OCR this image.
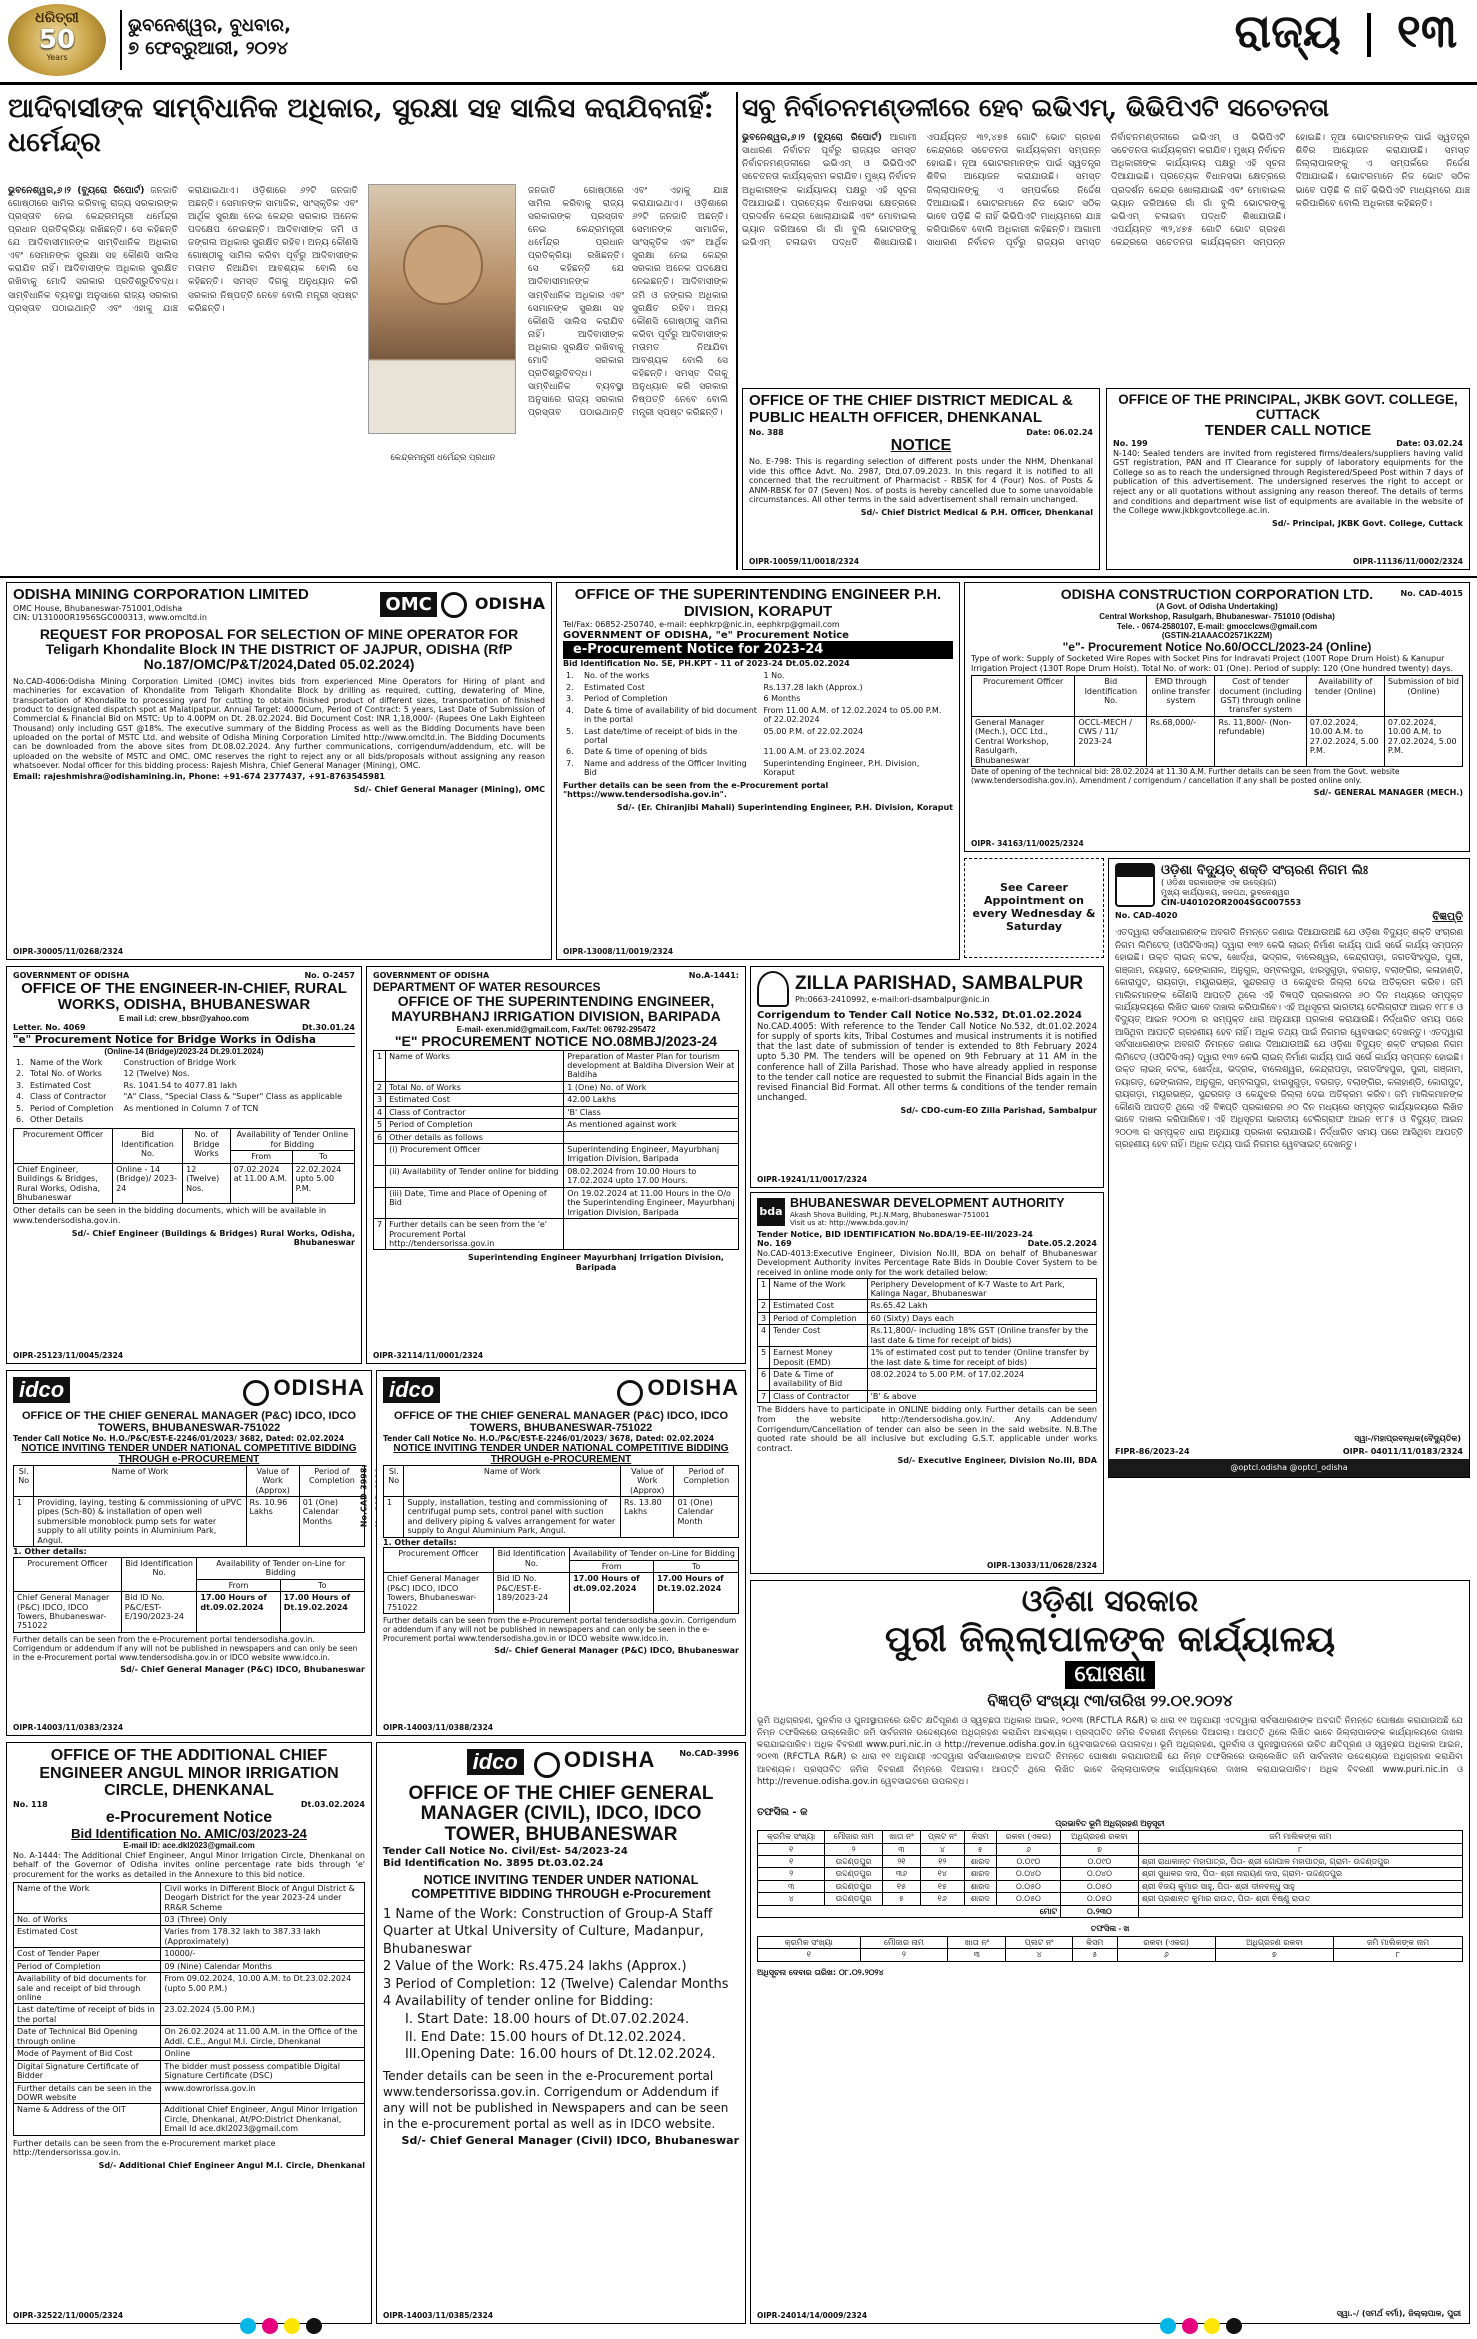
ଧରିତ୍ରୀ
50
Years
ଭୁବନେଶ୍ୱର, ବୁଧବାର,
୭ ଫେବ୍ରୁଆରୀ, ୨୦୨୪	ରାଜ୍ୟ ୧୩
ଆଦିବାସୀଙ୍କ ସାମ୍ବିଧାନିକ ଅଧିକାର, ସୁରକ୍ଷା ସହ ସାଲିସ କରାଯିବନାହିଁ: ଧର୍ମେନ୍ଦ୍ର
କେନ୍ଦ୍ରମନ୍ତ୍ରୀ ଧର୍ମେନ୍ଦ୍ର ପ୍ରଧାନ
ଭୁବନେଶ୍ୱର,୬।୨ (ବ୍ୟୁରୋ ରିପୋର୍ଟ) ଜନଜାତି ଗୋଷ୍ଠୀରେ ସାମିଲ କରିବାକୁ ରାଜ୍ୟ ସରକାରଙ୍କ ପ୍ରସ୍ତାବ ନେଇ କେନ୍ଦ୍ରମନ୍ତ୍ରୀ ଧର୍ମେନ୍ଦ୍ର ପ୍ରଧାନ ପ୍ରତିକ୍ରିୟା ରଖିଛନ୍ତି। ସେ କହିଛନ୍ତି ଯେ ଆଦିବାସୀମାନଙ୍କ ସାମ୍ବିଧାନିକ ଅଧିକାର ଏବଂ ସେମାନଙ୍କ ସୁରକ୍ଷା ସହ କୌଣସି ସାଲିସ କରାଯିବ ନାହିଁ। ଆଦିବାସୀଙ୍କ ଅଧିକାର ସୁରକ୍ଷିତ ରଖିବାକୁ ମୋଦି ସରକାର ପ୍ରତିଶ୍ରୁତିବଦ୍ଧ। ସାମ୍ବିଧାନିକ ବ୍ୟବସ୍ଥା ଅନୁସାରେ ରାଜ୍ୟ ସରକାର ପ୍ରସ୍ତାବ ପଠାଇଥାନ୍ତି ଏବଂ ଏହାକୁ ଯାଞ୍ଚ କରାଯାଇଥାଏ। ଓଡ଼ିଶାରେ ୬୨ଟି ଜନଜାତି ଅଛନ୍ତି। ସେମାନଙ୍କ ସାମାଜିକ, ସାଂସ୍କୃତିକ ଏବଂ ଆର୍ଥିକ ସୁରକ୍ଷା ନେଇ କେନ୍ଦ୍ର ସରକାର ଅନେକ ପଦକ୍ଷେପ ନେଇଛନ୍ତି। ଆଦିବାସୀଙ୍କ ଜମି ଓ ଜଙ୍ଗଲ ଅଧିକାର ସୁରକ୍ଷିତ ରହିବ। ଅନ୍ୟ କୌଣସି ଗୋଷ୍ଠୀକୁ ସାମିଲ କରିବା ପୂର୍ବରୁ ଆଦିବାସୀଙ୍କ ମତାମତ ନିଆଯିବା ଆବଶ୍ୟକ ବୋଲି ସେ କହିଛନ୍ତି। ସମସ୍ତ ଦିଗକୁ ଅନୁଧ୍ୟାନ କରି ସରକାର ନିଷ୍ପତ୍ତି ନେବେ ବୋଲି ମନ୍ତ୍ରୀ ସ୍ପଷ୍ଟ କରିଛନ୍ତି।
ଜନଜାତି ଗୋଷ୍ଠୀରେ ସାମିଲ କରିବାକୁ ରାଜ୍ୟ ସରକାରଙ୍କ ପ୍ରସ୍ତାବ ନେଇ କେନ୍ଦ୍ରମନ୍ତ୍ରୀ ଧର୍ମେନ୍ଦ୍ର ପ୍ରଧାନ ପ୍ରତିକ୍ରିୟା ରଖିଛନ୍ତି। ସେ କହିଛନ୍ତି ଯେ ଆଦିବାସୀମାନଙ୍କ ସାମ୍ବିଧାନିକ ଅଧିକାର ଏବଂ ସେମାନଙ୍କ ସୁରକ୍ଷା ସହ କୌଣସି ସାଲିସ କରାଯିବ ନାହିଁ। ଆଦିବାସୀଙ୍କ ଅଧିକାର ସୁରକ୍ଷିତ ରଖିବାକୁ ମୋଦି ସରକାର ପ୍ରତିଶ୍ରୁତିବଦ୍ଧ। ସାମ୍ବିଧାନିକ ବ୍ୟବସ୍ଥା ଅନୁସାରେ ରାଜ୍ୟ ସରକାର ପ୍ରସ୍ତାବ ପଠାଇଥାନ୍ତି ଏବଂ ଏହାକୁ ଯାଞ୍ଚ କରାଯାଇଥାଏ। ଓଡ଼ିଶାରେ ୬୨ଟି ଜନଜାତି ଅଛନ୍ତି। ସେମାନଙ୍କ ସାମାଜିକ, ସାଂସ୍କୃତିକ ଏବଂ ଆର୍ଥିକ ସୁରକ୍ଷା ନେଇ କେନ୍ଦ୍ର ସରକାର ଅନେକ ପଦକ୍ଷେପ ନେଇଛନ୍ତି। ଆଦିବାସୀଙ୍କ ଜମି ଓ ଜଙ୍ଗଲ ଅଧିକାର ସୁରକ୍ଷିତ ରହିବ। ଅନ୍ୟ କୌଣସି ଗୋଷ୍ଠୀକୁ ସାମିଲ କରିବା ପୂର୍ବରୁ ଆଦିବାସୀଙ୍କ ମତାମତ ନିଆଯିବା ଆବଶ୍ୟକ ବୋଲି ସେ କହିଛନ୍ତି। ସମସ୍ତ ଦିଗକୁ ଅନୁଧ୍ୟାନ କରି ସରକାର ନିଷ୍ପତ୍ତି ନେବେ ବୋଲି ମନ୍ତ୍ରୀ ସ୍ପଷ୍ଟ କରିଛନ୍ତି।
ସବୁ ନିର୍ବାଚନମଣ୍ଡଳୀରେ ହେବ ଇଭିଏମ୍, ଭିଭିପିଏଟି ସଚେତନତା
ଭୁବନେଶ୍ୱର,୬।୨ (ବ୍ୟୁରୋ ରିପୋର୍ଟ) ଆଗାମୀ ସାଧାରଣ ନିର୍ବାଚନ ପୂର୍ବରୁ ରାଜ୍ୟର ସମସ୍ତ ନିର୍ବାଚନମଣ୍ଡଳୀରେ ଇଭିଏମ୍ ଓ ଭିଭିପିଏଟି ସଚେତନତା କାର୍ଯ୍ୟକ୍ରମ କରାଯିବ। ମୁଖ୍ୟ ନିର୍ବାଚନ ଅଧିକାରୀଙ୍କ କାର୍ଯ୍ୟାଳୟ ପକ୍ଷରୁ ଏହି ସୂଚନା ଦିଆଯାଇଛି। ପ୍ରତ୍ୟେକ ବିଧାନସଭା କ୍ଷେତ୍ରରେ ପ୍ରଦର୍ଶନ କେନ୍ଦ୍ର ଖୋଲାଯାଇଛି ଏବଂ ମୋବାଇଲ ଭ୍ୟାନ ଜରିଆରେ ଗାଁ ଗାଁ ବୁଲି ଭୋଟରଙ୍କୁ ଇଭିଏମ୍ ଚଳାଇବା ପଦ୍ଧତି ଶିଖାଯାଉଛି। ଏପର୍ଯ୍ୟନ୍ତ ୩୨,୪୭୫ ଗୋଟି ଭୋଟ ଗ୍ରହଣ କେନ୍ଦ୍ରରେ ସଚେତନତା କାର୍ଯ୍ୟକ୍ରମ ସମ୍ପନ୍ନ ହୋଇଛି। ନୂଆ ଭୋଟରମାନଙ୍କ ପାଇଁ ସ୍ୱତନ୍ତ୍ର ଶିବିର ଆୟୋଜନ କରାଯାଉଛି। ସମସ୍ତ ଜିଲ୍ଲାପାଳଙ୍କୁ ଏ ସମ୍ପର୍କରେ ନିର୍ଦ୍ଦେଶ ଦିଆଯାଇଛି। ଭୋଟରମାନେ ନିଜ ଭୋଟ ସଠିକ ଭାବେ ପଡ଼ିଛି କି ନାହିଁ ଭିଭିପିଏଟି ମାଧ୍ୟମରେ ଯାଞ୍ଚ କରିପାରିବେ ବୋଲି ଅଧିକାରୀ କହିଛନ୍ତି। ଆଗାମୀ ସାଧାରଣ ନିର୍ବାଚନ ପୂର୍ବରୁ ରାଜ୍ୟର ସମସ୍ତ ନିର୍ବାଚନମଣ୍ଡଳୀରେ ଇଭିଏମ୍ ଓ ଭିଭିପିଏଟି ସଚେତନତା କାର୍ଯ୍ୟକ୍ରମ କରାଯିବ। ମୁଖ୍ୟ ନିର୍ବାଚନ ଅଧିକାରୀଙ୍କ କାର୍ଯ୍ୟାଳୟ ପକ୍ଷରୁ ଏହି ସୂଚନା ଦିଆଯାଇଛି। ପ୍ରତ୍ୟେକ ବିଧାନସଭା କ୍ଷେତ୍ରରେ ପ୍ରଦର୍ଶନ କେନ୍ଦ୍ର ଖୋଲାଯାଇଛି ଏବଂ ମୋବାଇଲ ଭ୍ୟାନ ଜରିଆରେ ଗାଁ ଗାଁ ବୁଲି ଭୋଟରଙ୍କୁ ଇଭିଏମ୍ ଚଳାଇବା ପଦ୍ଧତି ଶିଖାଯାଉଛି। ଏପର୍ଯ୍ୟନ୍ତ ୩୨,୪୭୫ ଗୋଟି ଭୋଟ ଗ୍ରହଣ କେନ୍ଦ୍ରରେ ସଚେତନତା କାର୍ଯ୍ୟକ୍ରମ ସମ୍ପନ୍ନ ହୋଇଛି। ନୂଆ ଭୋଟରମାନଙ୍କ ପାଇଁ ସ୍ୱତନ୍ତ୍ର ଶିବିର ଆୟୋଜନ କରାଯାଉଛି। ସମସ୍ତ ଜିଲ୍ଲାପାଳଙ୍କୁ ଏ ସମ୍ପର୍କରେ ନିର୍ଦ୍ଦେଶ ଦିଆଯାଇଛି। ଭୋଟରମାନେ ନିଜ ଭୋଟ ସଠିକ ଭାବେ ପଡ଼ିଛି କି ନାହିଁ ଭିଭିପିଏଟି ମାଧ୍ୟମରେ ଯାଞ୍ଚ କରିପାରିବେ ବୋଲି ଅଧିକାରୀ କହିଛନ୍ତି।
OFFICE OF THE CHIEF DISTRICT MEDICAL & PUBLIC HEALTH OFFICER, DHENKANAL
No. 388	Date: 06.02.24
NOTICE
No. E-798: This is regarding selection of different posts under the NHM, Dhenkanal vide this office Advt. No. 2987, Dtd.07.09.2023. In this regard it is notified to all concerned that the recruitment of Pharmacist - RBSK for 4 (Four) Nos. of Posts & ANM-RBSK for 07 (Seven) Nos. of posts is hereby cancelled due to some unavoidable circumstances. All other terms in the said advertisement shall remain unchanged.
Sd/- Chief District Medical & P.H. Officer, Dhenkanal
OIPR-10059/11/0018/2324
OFFICE OF THE PRINCIPAL, JKBK GOVT. COLLEGE, CUTTACK
TENDER CALL NOTICE
No. 199	Date: 03.02.24
N-140: Sealed tenders are invited from registered firms/dealers/suppliers having valid GST registration, PAN and IT Clearance for supply of laboratory equipments for the College so as to reach the undersigned through Registered/Speed Post within 7 days of publication of this advertisement. The undersigned reserves the right to accept or reject any or all quotations without assigning any reason thereof. The details of terms and conditions and department wise list of equipments are available in the website of the College www.jkbkgovtcollege.ac.in.
Sd/- Principal, JKBK Govt. College, Cuttack
OIPR-11136/11/0002/2324
ODISHA MINING CORPORATION LIMITED
OMC House, Bhubaneswar-751001,Odisha
CIN: U13100OR1956SGC000313, www.omcltd.in
OMC	ODISHA
REQUEST FOR PROPOSAL FOR SELECTION OF MINE OPERATOR FOR Teligarh Khondalite Block IN THE DISTRICT OF JAJPUR, ODISHA (RfP No.187/OMC/P&T/2024,Dated 05.02.2024)
No.CAD-4006:Odisha Mining Corporation Limited (OMC) invites bids from experienced Mine Operators for Hiring of plant and machineries for excavation of Khondalite from Teligarh Khondalite Block by drilling as required, cutting, dewatering of Mine, transportation of Khondalite to processing yard for cutting to obtain finished product of different sizes, transportation of finished product to designated dispatch spot at Malatipatpur. Annual Target: 4000Cum, Period of Contract: 5 years, Last Date of Submission of Commercial & Financial Bid on MSTC: Up to 4.00PM on Dt. 28.02.2024. Bid Document Cost: INR 1,18,000/- (Rupees One Lakh Eighteen Thousand) only including GST @18%. The executive summary of the Bidding Process as well as the Bidding Documents have been uploaded on the portal of MSTC Ltd. and website of Odisha Mining Corporation Limited http://www.omcltd.in. The Bidding Documents can be downloaded from the above sites from Dt.08.02.2024. Any further communications, corrigendum/addendum, etc. will be uploaded on the website of MSTC and OMC. OMC reserves the right to reject any or all bids/proposals without assigning any reason whatsoever. Nodal officer for this bidding process: Rajesh Mishra, Chief General Manager (Mining), OMC.
Email: rajeshmishra@odishamining.in, Phone: +91-674 2377437, +91-8763545981
Sd/- Chief General Manager (Mining), OMC
OIPR-30005/11/0268/2324
OFFICE OF THE SUPERINTENDING ENGINEER P.H. DIVISION, KORAPUT
Tel/Fax: 06852-250740, e-mail: eephkrp@nic.in, eephkrp@gmail.com
GOVERNMENT OF ODISHA, "e" Procurement Notice
e-Procurement Notice for 2023-24
Bid Identification No. SE, PH.KPT - 11 of 2023-24 Dt.05.02.2024
1.	No. of the works	1 No.
2.	Estimated Cost	Rs.137.28 lakh (Approx.)
3.	Period of Completion	6 Months
4.	Date & time of availability of bid document in the portal	From 11.00 A.M. of 12.02.2024 to 05.00 P.M. of 22.02.2024
5.	Last date/time of receipt of bids in the portal	05.00 P.M. of 22.02.2024
6.	Date & time of opening of bids	11.00 A.M. of 23.02.2024
7.	Name and address of the Officer Inviting Bid	Superintending Engineer, P.H. Division, Koraput
Further details can be seen from the e-Procurement portal "https://www.tendersodisha.gov.in".
Sd/- (Er. Chiranjibi Mahali) Superintending Engineer, P.H. Division, Koraput
OIPR-13008/11/0019/2324
ODISHA CONSTRUCTION CORPORATION LTD.
(A Govt. of Odisha Undertaking)
Central Workshop, Rasulgarh, Bhubaneswar- 751010 (Odisha)
Tele. - 0674-2580107, E-mail: gmocclcws@gmail.com
(GSTIN-21AAACO2571K2ZM)
No. CAD-4015
"e"- Procurement Notice No.60/OCCL/2023-24 (Online)
Type of work: Supply of Socketed Wire Ropes with Socket Pins for Indravati Project (100T Rope Drum Hoist) & Kanupur Irrigation Project (130T Rope Drum Hoist). Total No. of work: 01 (One). Period of supply: 120 (One hundred twenty) days.
Procurement Officer	Bid Identification No.	EMD through online transfer system	Cost of tender document (including GST) through online transfer system	Availability of tender (Online)	Submission of bid (Online)
General Manager (Mech.), OCC Ltd., Central Workshop, Rasulgarh, Bhubaneswar	OCCL-MECH / CWS / 11/ 2023-24	Rs.68,000/-	Rs. 11,800/- (Non-refundable)	07.02.2024, 10.00 A.M. to 27.02.2024, 5.00 P.M.	07.02.2024, 10.00 A.M. to 27.02.2024, 5.00 P.M.
Date of opening of the technical bid: 28.02.2024 at 11.30 A.M. Further details can be seen from the Govt. website (www.tendersodisha.gov.in). Amendment / corrigendum / cancellation if any shall be posted online only.
Sd/- GENERAL MANAGER (MECH.)
OIPR- 34163/11/0025/2324
See Career Appointment on every Wednesday & Saturday
ଓଡ଼ିଶା ବିଦ୍ୟୁତ୍ ଶକ୍ତି ସଂଚାରଣ ନିଗମ ଲିଃ
( ଓଡ଼ିଶା ସରକାରଙ୍କ ଏକ ଉଦ୍ୟୋଗ)
ମୁଖ୍ୟ କାର୍ଯ୍ୟାଳୟ, ଜନପଥ, ଭୁବନେଶ୍ୱର
CIN-U40102OR2004SGC007553
No. CAD-4020	ବିଜ୍ଞପ୍ତି
ଏତଦ୍ୱାରା ସର୍ବସାଧାରଣଙ୍କ ଅବଗତି ନିମନ୍ତେ ଜଣାଇ ଦିଆଯାଉଅଛି ଯେ ଓଡ଼ିଶା ବିଦ୍ୟୁତ୍ ଶକ୍ତି ସଂଚାରଣ ନିଗମ ଲିମିଟେଡ୍ (ଓପିଟିସିଏଲ୍) ଦ୍ୱାରା ୧୩୨ କେଭି ଲାଇନ୍ ନିର୍ମାଣ କାର୍ଯ୍ୟ ପାଇଁ ସର୍ଭେ କାର୍ଯ୍ୟ ସମ୍ପନ୍ନ ହୋଇଛି। ଉକ୍ତ ଲାଇନ୍ କଟକ, ଖୋର୍ଦ୍ଧା, ଭଦ୍ରକ, ବାଲେଶ୍ୱର, କେନ୍ଦ୍ରାପଡ଼ା, ଜଗତସିଂହପୁର, ପୁରୀ, ଗଞ୍ଜାମ, ନୟାଗଡ଼, ଢେଙ୍କାନାଳ, ଅନୁଗୁଳ, ସମ୍ବଲପୁର, ଝାରସୁଗୁଡ଼ା, ବରଗଡ଼, ବଲାଙ୍ଗିର, କଳାହାଣ୍ଡି, କୋରାପୁଟ, ରାୟଗଡ଼ା, ମୟୂରଭଞ୍ଜ, ସୁନ୍ଦରଗଡ଼ ଓ କେନ୍ଦୁଝର ଜିଲ୍ଲା ଦେଇ ଅତିକ୍ରମ କରିବ। ଜମି ମାଲିକମାନଙ୍କ କୌଣସି ଆପତ୍ତି ଥିଲେ ଏହି ବିଜ୍ଞପ୍ତି ପ୍ରକାଶନର ୬୦ ଦିନ ମଧ୍ୟରେ ସମ୍ପୃକ୍ତ କାର୍ଯ୍ୟାଳୟରେ ଲିଖିତ ଭାବେ ଦାଖଲ କରିପାରିବେ। ଏହି ଅଧିସୂଚନା ଭାରତୀୟ ଟେଲିଗ୍ରାଫ ଆଇନ ୧୮୮୫ ଓ ବିଦ୍ୟୁତ୍ ଆଇନ ୨୦୦୩ ର ସମ୍ପୃକ୍ତ ଧାରା ଅନୁଯାୟୀ ପ୍ରକାଶ କରାଯାଉଛି। ନିର୍ଦ୍ଧାରିତ ସମୟ ପରେ ଆସିଥିବା ଆପତ୍ତି ଗ୍ରହଣୀୟ ହେବ ନାହିଁ। ଅଧିକ ତଥ୍ୟ ପାଇଁ ନିଗମର ୱେବସାଇଟ୍ ଦେଖନ୍ତୁ। ଏତଦ୍ୱାରା ସର୍ବସାଧାରଣଙ୍କ ଅବଗତି ନିମନ୍ତେ ଜଣାଇ ଦିଆଯାଉଅଛି ଯେ ଓଡ଼ିଶା ବିଦ୍ୟୁତ୍ ଶକ୍ତି ସଂଚାରଣ ନିଗମ ଲିମିଟେଡ୍ (ଓପିଟିସିଏଲ୍) ଦ୍ୱାରା ୧୩୨ କେଭି ଲାଇନ୍ ନିର୍ମାଣ କାର୍ଯ୍ୟ ପାଇଁ ସର୍ଭେ କାର୍ଯ୍ୟ ସମ୍ପନ୍ନ ହୋଇଛି। ଉକ୍ତ ଲାଇନ୍ କଟକ, ଖୋର୍ଦ୍ଧା, ଭଦ୍ରକ, ବାଲେଶ୍ୱର, କେନ୍ଦ୍ରାପଡ଼ା, ଜଗତସିଂହପୁର, ପୁରୀ, ଗଞ୍ଜାମ, ନୟାଗଡ଼, ଢେଙ୍କାନାଳ, ଅନୁଗୁଳ, ସମ୍ବଲପୁର, ଝାରସୁଗୁଡ଼ା, ବରଗଡ଼, ବଲାଙ୍ଗିର, କଳାହାଣ୍ଡି, କୋରାପୁଟ, ରାୟଗଡ଼ା, ମୟୂରଭଞ୍ଜ, ସୁନ୍ଦରଗଡ଼ ଓ କେନ୍ଦୁଝର ଜିଲ୍ଲା ଦେଇ ଅତିକ୍ରମ କରିବ। ଜମି ମାଲିକମାନଙ୍କ କୌଣସି ଆପତ୍ତି ଥିଲେ ଏହି ବିଜ୍ଞପ୍ତି ପ୍ରକାଶନର ୬୦ ଦିନ ମଧ୍ୟରେ ସମ୍ପୃକ୍ତ କାର୍ଯ୍ୟାଳୟରେ ଲିଖିତ ଭାବେ ଦାଖଲ କରିପାରିବେ। ଏହି ଅଧିସୂଚନା ଭାରତୀୟ ଟେଲିଗ୍ରାଫ ଆଇନ ୧୮୮୫ ଓ ବିଦ୍ୟୁତ୍ ଆଇନ ୨୦୦୩ ର ସମ୍ପୃକ୍ତ ଧାରା ଅନୁଯାୟୀ ପ୍ରକାଶ କରାଯାଉଛି। ନିର୍ଦ୍ଧାରିତ ସମୟ ପରେ ଆସିଥିବା ଆପତ୍ତି ଗ୍ରହଣୀୟ ହେବ ନାହିଁ। ଅଧିକ ତଥ୍ୟ ପାଇଁ ନିଗମର ୱେବସାଇଟ୍ ଦେଖନ୍ତୁ।
ସ୍ୱା-/ମହାପ୍ରବନ୍ଧକ(ବୈଦ୍ୟୁତିକ)
FIPR-86/2023-24	OIPR- 04011/11/0183/2324
@optcl.odisha @optcl_odisha
GOVERNMENT OF ODISHA	No. O-2457
OFFICE OF THE ENGINEER-IN-CHIEF, RURAL WORKS, ODISHA, BHUBANESWAR
E mail i.d: crew_bbsr@yahoo.com
Letter. No. 4069	Dt.30.01.24
"e" Procurement Notice for Bridge Works in Odisha
(Online-14 (Bridge)/2023-24 Dt.29.01.2024)
1.	Name of the Work	Construction of Bridge Work
2.	Total No. of Works	12 (Twelve) Nos.
3.	Estimated Cost	Rs. 1041.54 to 4077.81 lakh
4.	Class of Contractor	"A" Class, "Special Class & "Super" Class as applicable
5.	Period of Completion	As mentioned in Column 7 of TCN
6.	Other Details	
Procurement Officer	Bid Identification No.	No. of Bridge Works	Availability of Tender Online for Bidding	
			From	To
Chief Engineer, Buildings & Bridges, Rural Works, Odisha, Bhubaneswar	Online - 14 (Bridge)/ 2023-24	12 (Twelve) Nos.	07.02.2024 at 11.00 A.M.	22.02.2024 upto 5.00 P.M.
Other details can be seen in the bidding documents, which will be available in www.tendersodisha.gov.in.
Sd/- Chief Engineer (Buildings & Bridges) Rural Works, Odisha, Bhubaneswar
OIPR-25123/11/0045/2324
GOVERNMENT OF ODISHA	No.A-1441:
DEPARTMENT OF WATER RESOURCES
OFFICE OF THE SUPERINTENDING ENGINEER, MAYURBHANJ IRRIGATION DIVISION, BARIPADA
E-mail- exen.mid@gmail.com, Fax/Tel: 06792-295472
"E" PROCUREMENT NOTICE NO.08MBJ/2023-24
1	Name of Works	Preparation of Master Plan for tourism development at Baldiha Diversion Weir at Baldiha
2	Total No. of Works	1 (One) No. of Work
3	Estimated Cost	42.00 Lakhs
4	Class of Contractor	'B' Class
5	Period of Completion	As mentioned against work
6	Other details as follows	
	(i) Procurement Officer	Superintending Engineer, Mayurbhanj Irrigation Division, Baripada
	(ii) Availability of Tender online for bidding	08.02.2024 from 10.00 Hours to 17.02.2024 upto 17.00 Hours.
	(iii) Date, Time and Place of Opening of Bid	On 19.02.2024 at 11.00 Hours in the O/o the Superintending Engineer, Mayurbhanj Irrigation Division, Baripada
7	Further details can be seen from the 'e' Procurement Portal http://tendersorissa.gov.in	
Superintending Engineer Mayurbhanj Irrigation Division, Baripada
OIPR-32114/11/0001/2324
ZILLA PARISHAD, SAMBALPUR
Ph:0663-2410992, e-mail:ori-dsambalpur@nic.in
Corrigendum to Tender Call Notice No.532, Dt.01.02.2024
No.CAD.4005: With reference to the Tender Call Notice No.532, dt.01.02.2024 for supply of sports kits, Tribal Costumes and musical instruments it is notified that the last date of submission of tender is extended to 8th February 2024 upto 5.30 PM. The tenders will be opened on 9th February at 11 AM in the conference hall of Zilla Parishad. Those who have already applied in response to the tender call notice are requested to submit the Financial Bids again in the revised Financial Bid Format. All other terms & conditions of the tender remain unchanged.
Sd/- CDO-cum-EO Zilla Parishad, Sambalpur
OIPR-19241/11/0017/2324
bda
BHUBANESWAR DEVELOPMENT AUTHORITY
Akash Shova Building, Pt.J.N.Marg, Bhubaneswar-751001
Visit us at: http://www.bda.gov.in/
Tender Notice, BID IDENTIFICATION No.BDA/19-EE-III/2023-24
No. 169	Date.05.2.2024
No.CAD-4013:Executive Engineer, Division No.III, BDA on behalf of Bhubaneswar Development Authority invites Percentage Rate Bids in Double Cover System to be received in online mode only for the work detailed below:
1	Name of the Work	Periphery Development of K-7 Waste to Art Park, Kalinga Nagar, Bhubaneswar
2	Estimated Cost	Rs.65.42 Lakh
3	Period of Completion	60 (Sixty) Days each
4	Tender Cost	Rs.11,800/- including 18% GST (Online transfer by the last date & time for receipt of bids)
5	Earnest Money Deposit (EMD)	1% of estimated cost put to tender (Online transfer by the last date & time for receipt of bids)
6	Date & Time of availability of Bid	08.02.2024 to 5.00 P.M. of 17.02.2024
7	Class of Contractor	'B' & above
The Bidders have to participate in ONLINE bidding only. Further details can be seen from the website http://tendersodisha.gov.in/. Any Addendum/ Corrigendum/Cancellation of tender can also be seen in the said website. N.B.The quoted rate should be all inclusive but excluding G.S.T. applicable under works contract.
Sd/- Executive Engineer, Division No.III, BDA
OIPR-13033/11/0628/2324
idco	ODISHA
OFFICE OF THE CHIEF GENERAL MANAGER (P&C) IDCO, IDCO TOWERS, BHUBANESWAR-751022
Tender Call Notice No. H.O./P&C/EST-E-2246/01/2023/ 3682, Dated: 02.02.2024
NOTICE INVITING TENDER UNDER NATIONAL COMPETITIVE BIDDING THROUGH e-PROCUREMENT
Sl. No	Name of Work	Value of Work (Approx)	Period of Completion
1	Providing, laying, testing & commissioning of uPVC pipes (Sch-80) & installation of open well submersible monoblock pump sets for water supply to all utility points in Aluminium Park, Angul.	Rs. 10.96 Lakhs	01 (One) Calendar Months
1. Other details:
Procurement Officer	Bid Identification No.	Availability of Tender on-Line for Bidding	
		From	To
Chief General Manager (P&C) IDCO, IDCO Towers, Bhubaneswar-751022	Bid ID No. P&C/EST-E/190/2023-24	17.00 Hours of dt.09.02.2024	17.00 Hours of Dt.19.02.2024
Further details can be seen from the e-Procurement portal tendersodisha.gov.in. Corrigendum or addendum if any will not be published in newspapers and can only be seen in the e-Procurement portal www.tendersodisha.gov.in or IDCO website www.idco.in.
Sd/- Chief General Manager (P&C) IDCO, Bhubaneswar
OIPR-14003/11/0383/2324
idco	ODISHA
OFFICE OF THE CHIEF GENERAL MANAGER (P&C) IDCO, IDCO TOWERS, BHUBANESWAR-751022
Tender Call Notice No. H.O./P&C/EST-E-2246/01/2023/ 3678, Dated: 02.02.2024
NOTICE INVITING TENDER UNDER NATIONAL COMPETITIVE BIDDING THROUGH e-PROCUREMENT
Sl. No	Name of Work	Value of Work (Approx)	Period of Completion
1	Supply, installation, testing and commissioning of centrifugal pump sets, control panel with suction and delivery piping & valves arrangement for water supply to Angul Aluminium Park, Angul.	Rs. 13.80 Lakhs	01 (One) Calendar Month
1. Other details:
Procurement Officer	Bid Identification No.	Availability of Tender on-Line for Bidding	
		From	To
Chief General Manager (P&C) IDCO, IDCO Towers, Bhubaneswar-751022	Bid ID No. P&C/EST-E-189/2023-24	17.00 Hours of dt.09.02.2024	17.00 Hours of Dt.19.02.2024
Further details can be seen from the e-Procurement portal tendersodisha.gov.in. Corrigendum or addendum if any will not be published in newspapers and can only be seen in the e-Procurement portal www.tendersodisha.gov.in or IDCO website www.idco.in.
Sd/- Chief General Manager (P&C) IDCO, Bhubaneswar
OIPR-14003/11/0388/2324
No.CAD-3998:
OFFICE OF THE ADDITIONAL CHIEF ENGINEER ANGUL MINOR IRRIGATION CIRCLE, DHENKANAL
No. 118	Dt.03.02.2024
e-Procurement Notice
Bid Identification No. AMIC/03/2023-24
E-mail ID: ace.dkl2023@gmail.com
No. A-1444: The Additional Chief Engineer, Angul Minor Irrigation Circle, Dhenkanal on behalf of the Governor of Odisha invites online percentage rate bids through 'e' procurement for the works as detailed in the Annexure to this bid notice.
Name of the Work	Civil works in Different Block of Angul District & Deogarh District for the year 2023-24 under RR&R Scheme
No. of Works	03 (Three) Only
Estimated Cost	Varies from 178.32 lakh to 387.33 lakh (Approximately)
Cost of Tender Paper	10000/-
Period of Completion	09 (Nine) Calendar Months
Availability of bid documents for sale and receipt of bid through online	From 09.02.2024, 10.00 A.M. to Dt.23.02.2024 (upto 5.00 P.M.)
Last date/time of receipt of bids in the portal	23.02.2024 (5.00 P.M.)
Date of Technical Bid Opening through online	On 26.02.2024 at 11.00 A.M. in the Office of the Addl. C.E., Angul M.I. Circle, Dhenkanal
Mode of Payment of Bid Cost	Online
Digital Signature Certificate of Bidder	The bidder must possess compatible Digital Signature Certificate (DSC)
Further details can be seen in the DOWR website	www.dowrorissa.gov.in
Name & Address of the OIT	Additional Chief Engineer, Angul Minor Irrigation Circle, Dhenkanal, At/PO:District Dhenkanal, Email Id ace.dkl2023@gmail.com
Further details can be seen from the e-Procurement market place http://tendersorissa.gov.in.
Sd/- Additional Chief Engineer Angul M.I. Circle, Dhenkanal
OIPR-32522/11/0005/2324
idco	ODISHA	No.CAD-3996
OFFICE OF THE CHIEF GENERAL MANAGER (CIVIL), IDCO, IDCO TOWER, BHUBANESWAR
Tender Call Notice No. Civil/Est- 54/2023-24
Bid Identification No. 3895 Dt.03.02.24
NOTICE INVITING TENDER UNDER NATIONAL COMPETITIVE BIDDING THROUGH e-Procurement
1 Name of the Work: Construction of Group-A Staff Quarter at Utkal University of Culture, Madanpur, Bhubaneswar
2 Value of the Work: Rs.475.24 lakhs (Approx.)
3 Period of Completion: 12 (Twelve) Calendar Months
4 Availability of tender online for Bidding:
I. Start Date: 18.00 hours of Dt.07.02.2024.
II. End Date: 15.00 hours of Dt.12.02.2024.
III.Opening Date: 16.00 hours of Dt.12.02.2024.
Tender details can be seen in the e-Procurement portal www.tendersorissa.gov.in. Corrigendum or Addendum if any will not be published in Newspapers and can be seen in the e-procurement portal as well as in IDCO website.
Sd/- Chief General Manager (Civil) IDCO, Bhubaneswar
OIPR-14003/11/0385/2324
ଓଡ଼ିଶା ସରକାର
ପୁରୀ ଜିଲ୍ଲାପାଳଙ୍କ କାର୍ଯ୍ୟାଳୟ
ଘୋଷଣା
ବିଜ୍ଞପ୍ତି ସଂଖ୍ୟା ୯୩/ତାରିଖ ୨୨.୦୧.୨୦୨୪
ଭୂମି ଅଧିଗ୍ରହଣ, ପୁନର୍ବାସ ଓ ପୁନଃସ୍ଥାପନରେ ଉଚିତ କ୍ଷତିପୂରଣ ଓ ସ୍ୱଚ୍ଛତା ଅଧିକାର ଆଇନ, ୨୦୧୩ (RFCTLA R&R) ର ଧାରା ୧୧ ଅନୁଯାୟୀ ଏତଦ୍ୱାରା ସର୍ବସାଧାରଣଙ୍କ ଅବଗତି ନିମନ୍ତେ ଘୋଷଣା କରାଯାଉଅଛି ଯେ ନିମ୍ନ ତଫସିଲରେ ଉଲ୍ଲେଖିତ ଜମି ସାର୍ବଜନୀନ ଉଦ୍ଦେଶ୍ୟରେ ଅଧିଗ୍ରହଣ କରାଯିବା ଆବଶ୍ୟକ। ପ୍ରସ୍ତାବିତ ଜମିର ବିବରଣୀ ନିମ୍ନରେ ଦିଆଗଲା। ଆପତ୍ତି ଥିଲେ ଲିଖିତ ଭାବେ ଜିଲ୍ଲାପାଳଙ୍କ କାର୍ଯ୍ୟାଳୟରେ ଦାଖଲ କରାଯାଇପାରିବ। ଅଧିକ ବିବରଣୀ www.puri.nic.in ଓ http://revenue.odisha.gov.in ୱେବସାଇଟରେ ଉପଲବ୍ଧ। ଭୂମି ଅଧିଗ୍ରହଣ, ପୁନର୍ବାସ ଓ ପୁନଃସ୍ଥାପନରେ ଉଚିତ କ୍ଷତିପୂରଣ ଓ ସ୍ୱଚ୍ଛତା ଅଧିକାର ଆଇନ, ୨୦୧୩ (RFCTLA R&R) ର ଧାରା ୧୧ ଅନୁଯାୟୀ ଏତଦ୍ୱାରା ସର୍ବସାଧାରଣଙ୍କ ଅବଗତି ନିମନ୍ତେ ଘୋଷଣା କରାଯାଉଅଛି ଯେ ନିମ୍ନ ତଫସିଲରେ ଉଲ୍ଲେଖିତ ଜମି ସାର୍ବଜନୀନ ଉଦ୍ଦେଶ୍ୟରେ ଅଧିଗ୍ରହଣ କରାଯିବା ଆବଶ୍ୟକ। ପ୍ରସ୍ତାବିତ ଜମିର ବିବରଣୀ ନିମ୍ନରେ ଦିଆଗଲା। ଆପତ୍ତି ଥିଲେ ଲିଖିତ ଭାବେ ଜିଲ୍ଲାପାଳଙ୍କ କାର୍ଯ୍ୟାଳୟରେ ଦାଖଲ କରାଯାଇପାରିବ। ଅଧିକ ବିବରଣୀ www.puri.nic.in ଓ http://revenue.odisha.gov.in ୱେବସାଇଟରେ ଉପଲବ୍ଧ।
ତଫସିଲ - କ
ପ୍ରଭାବିତ ଭୂମି ଅଧିଗ୍ରହଣ ଅନୁସୂଚୀ
କ୍ରମିକ ସଂଖ୍ୟା	ମୌଜାର ନାମ	ଖାତା ନଂ	ପ୍ଲଟ ନଂ	କିସମ	ରକବା (ଏକର)	ଅଧିଗ୍ରହଣ ରକବା	ଜମି ମାଲିକଙ୍କ ନାମ
୧	୨	୩	୪	୫	୬	୭	୮
୧	ଉଦ୍ଦଣ୍ଡପୁର	୨୧	୧୨	ଶାରଦ	୦.୦୯୦	୦.୦୯୦	ଶ୍ରୀ ରାଧାକାନ୍ତ ମହାପାତ୍ର, ପିତା- ଶ୍ରୀ ଗୋପାଳ ମହାପାତ୍ର, ଗ୍ରାମ- ଉଦ୍ଦଣ୍ଡପୁର
୨	ଉଦ୍ଦଣ୍ଡପୁର	୩୬	୧୪	ଶାରଦ	୦.୦୪୦	୦.୦୪୦	ଶ୍ରୀ ସୁଧାକର ଦାସ, ପିତା- ଶ୍ରୀ ନାରାୟଣ ଦାସ, ଗ୍ରାମ- ଉଦ୍ଦଣ୍ଡପୁର
୩	ଉଦ୍ଦଣ୍ଡପୁର	୧୫	୧୫	ଶାରଦ	୦.୦୫୦	୦.୦୫୦	ଶ୍ରୀ ବିଜୟ କୁମାର ସାହୁ, ପିତା- ଶ୍ରୀ ଦୀନବନ୍ଧୁ ସାହୁ
୪	ଉଦ୍ଦଣ୍ଡପୁର	୫	୧୬	ଶାରଦ	୦.୦୫୦	୦.୦୫୦	ଶ୍ରୀ ପ୍ରଶାନ୍ତ କୁମାର ରାଉତ, ପିତା- ଶ୍ରୀ ବିଷ୍ଣୁ ରାଉତ
ମୋଟ						୦.୨୩୦	
ତଫସିଲ - ଖ
କ୍ରମିକ ସଂଖ୍ୟା	ମୌଜାର ନାମ	ଖାତା ନଂ	ପ୍ଲଟ ନଂ	କିସମ	ରକବା (ଏକର)	ଅଧିଗ୍ରହଣ ରକବା	ଜମି ମାଲିକଙ୍କ ନାମ
୧	୨	୩	୪	୫	୬	୭	୮
ଅଧିସୂଚନା ଦେବାର ତାରିଖ: ୦୮.୦୨.୨୦୨୪
ସ୍ୱା.-/ (ସମର୍ଥ ବର୍ମା), ଜିଲ୍ଲାପାଳ, ପୁରୀ
OIPR-24014/14/0009/2324
